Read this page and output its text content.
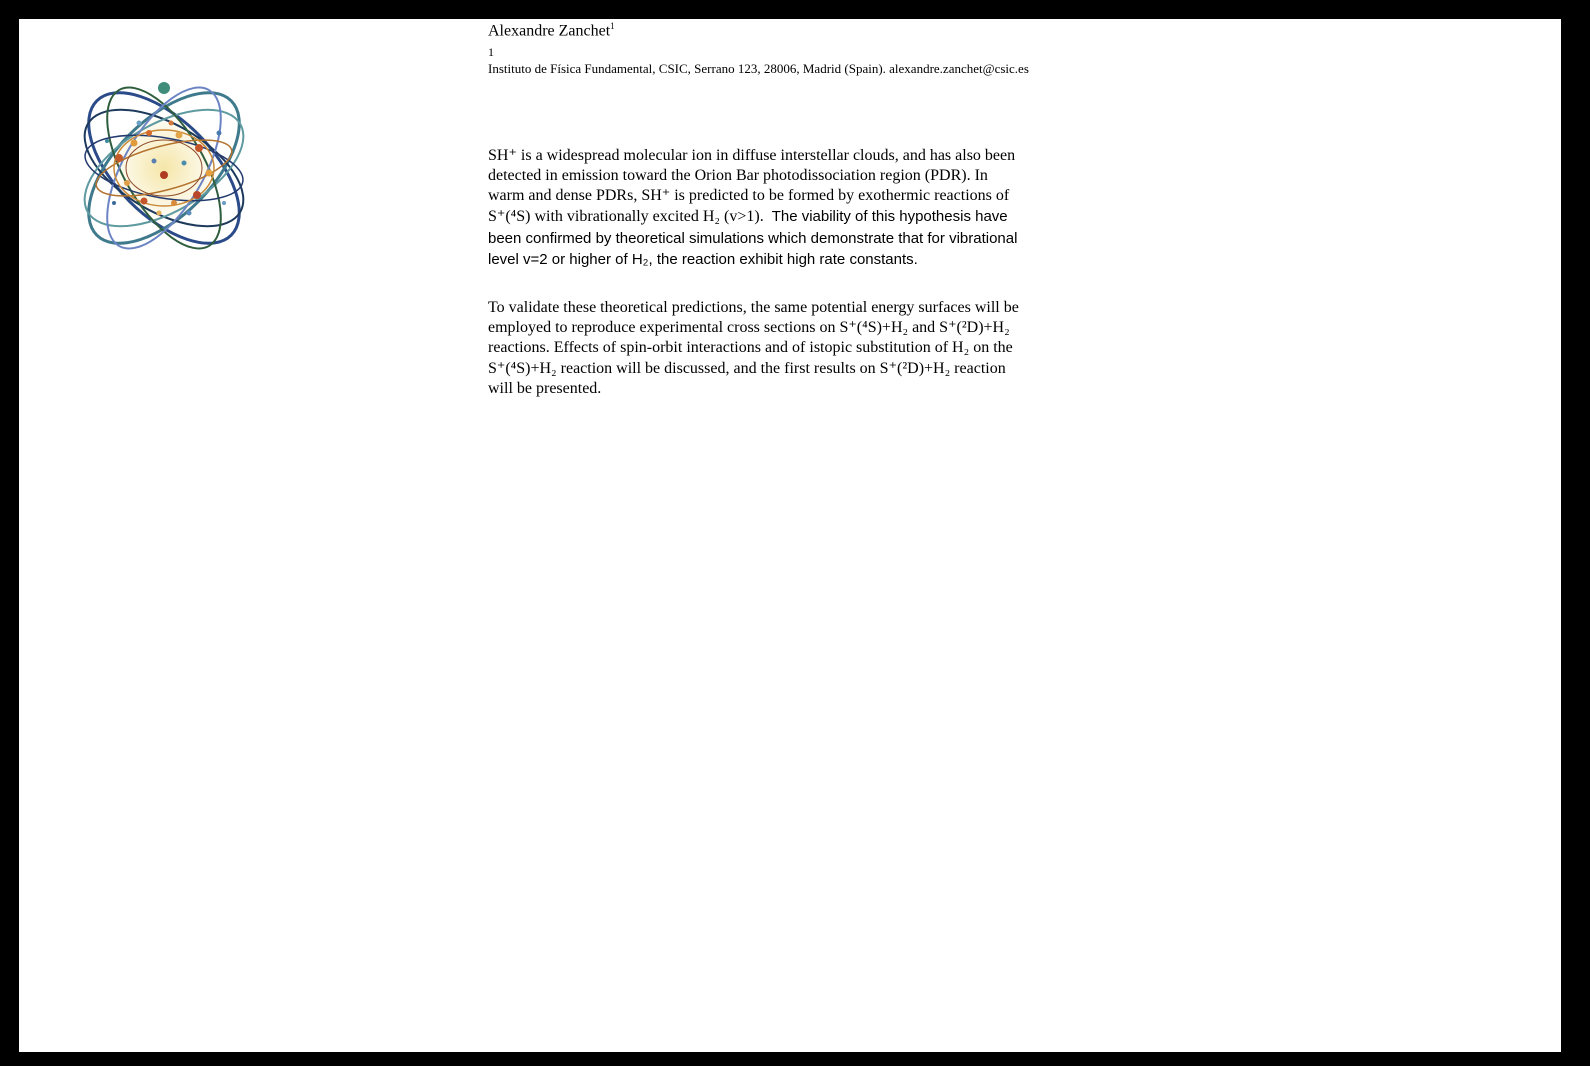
Alexandre Zanchet$^1$
1
Instituto de Física Fundamental, CSIC, Serrano 123, 28006, Madrid (Spain). alexandre.zanchet@csic.es
SH⁺ is a widespread molecular ion in diffuse interstellar clouds, and has also been
detected in emission toward the Orion Bar photodissociation region (PDR). In
warm and dense PDRs, SH⁺ is predicted to be formed by exothermic reactions of
S⁺(⁴S) with vibrationally excited H₂ (v>1). The viability of this hypothesis have
been confirmed by theoretical simulations which demonstrate that for vibrational
level v=2 or higher of H₂, the reaction exhibit high rate constants.
To validate these theoretical predictions, the same potential energy surfaces will be
employed to reproduce experimental cross sections on S⁺(⁴S)+H₂ and S⁺(²D)+H₂
reactions. Effects of spin-orbit interactions and of istopic substitution of H₂ on the
S⁺(⁴S)+H₂ reaction will be discussed, and the first results on S⁺(²D)+H₂ reaction
will be presented.
